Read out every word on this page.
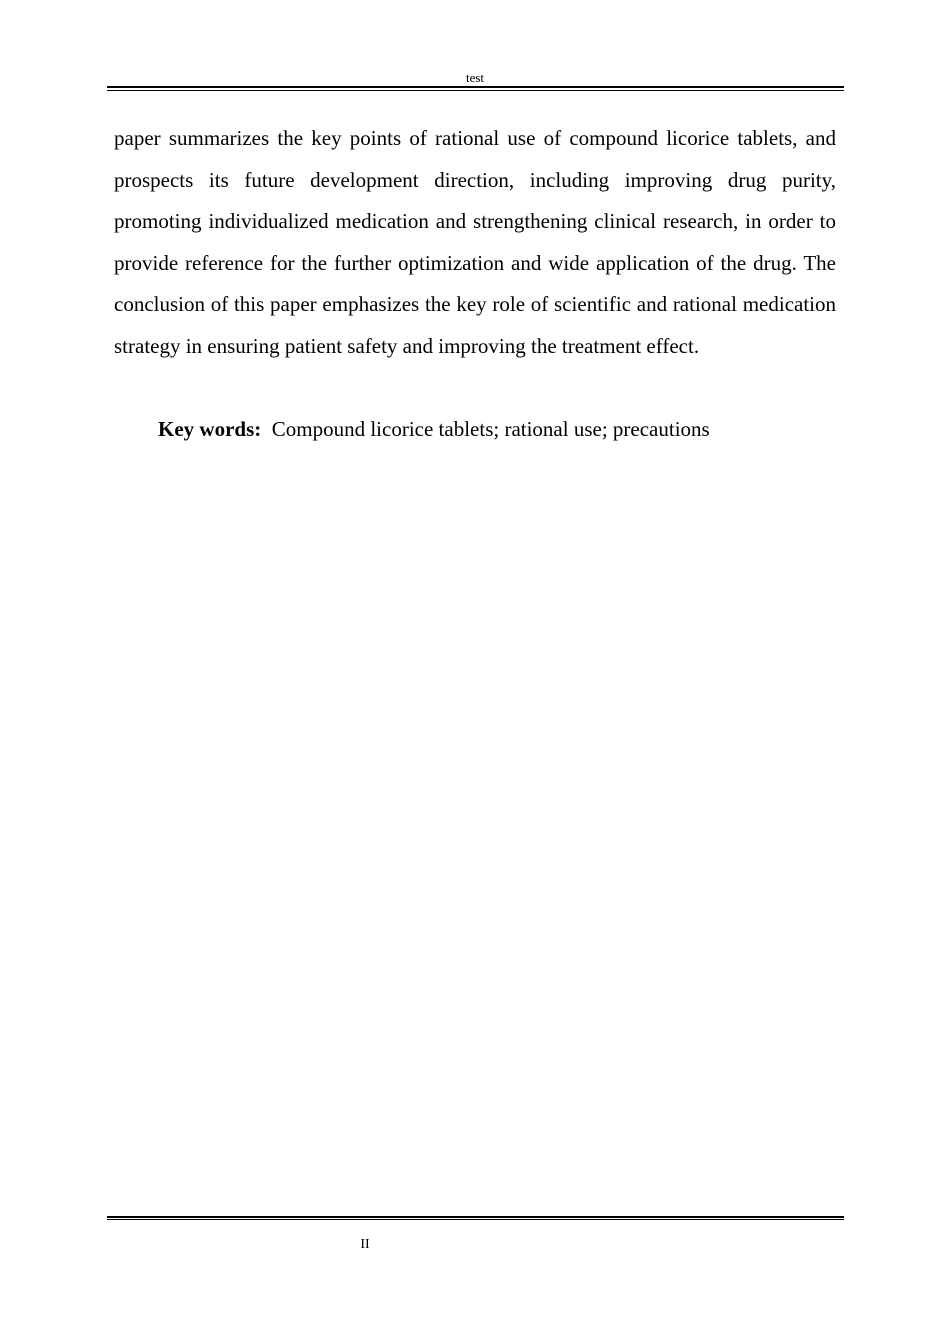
test

paper summarizes the key points of rational use of compound licorice tablets, and prospects its future development direction, including improving drug purity, promoting individualized medication and strengthening clinical research, in order to provide reference for the further optimization and wide application of the drug. The conclusion of this paper emphasizes the key role of scientific and rational medication strategy in ensuring patient safety and improving the treatment effect.

Key words: Compound licorice tablets; rational use; precautions

II
